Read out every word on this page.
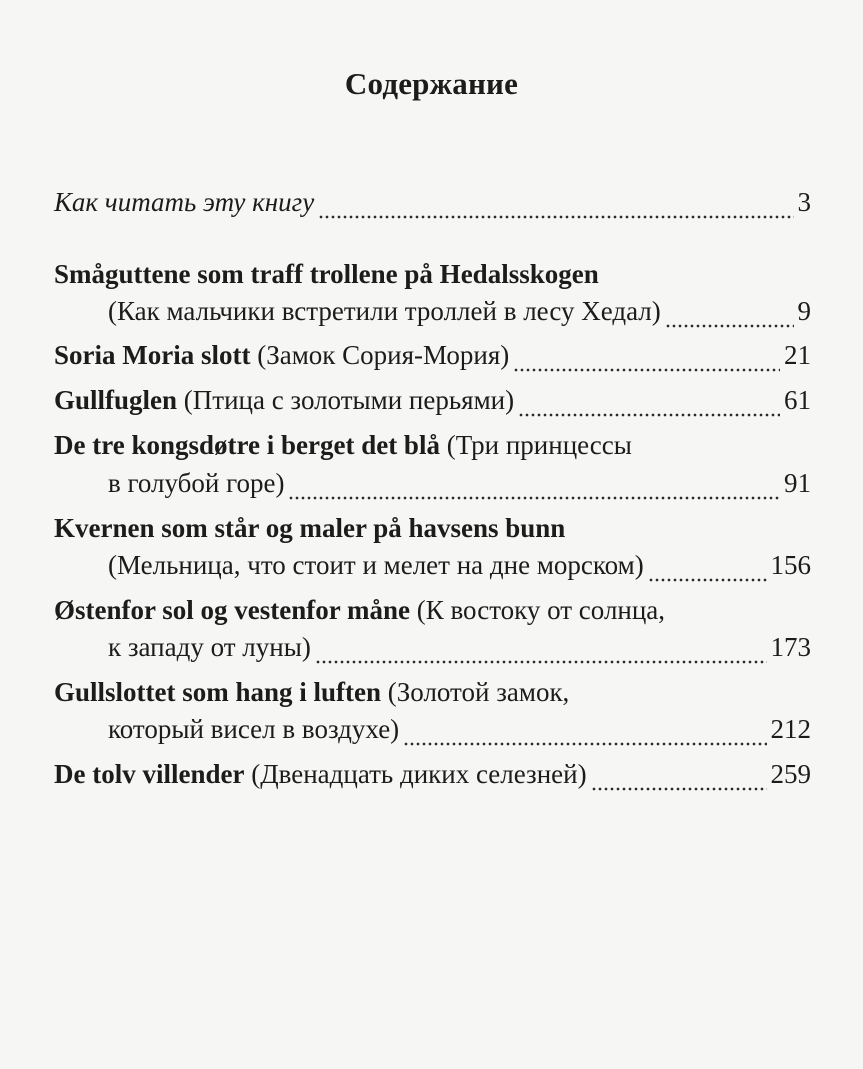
Содержание
Как читать эту книгу	3
Småguttene som traff trollene på Hedalsskogen
(Как мальчики встретили троллей в лесу Хедал)	9
Soria Moria slott (Замок Сория-Мория)	21
Gullfuglen (Птица с золотыми перьями)	61
De tre kongsdøtre i berget det blå (Три принцессы
в голубой горе)	91
Kvernen som står og maler på havsens bunn
(Мельница, что стоит и мелет на дне морском)	156
Østenfor sol og vestenfor måne (К востоку от солнца,
к западу от луны)	173
Gullslottet som hang i luften (Золотой замок,
который висел в воздухе)	212
De tolv villender (Двенадцать диких селезней)	259
